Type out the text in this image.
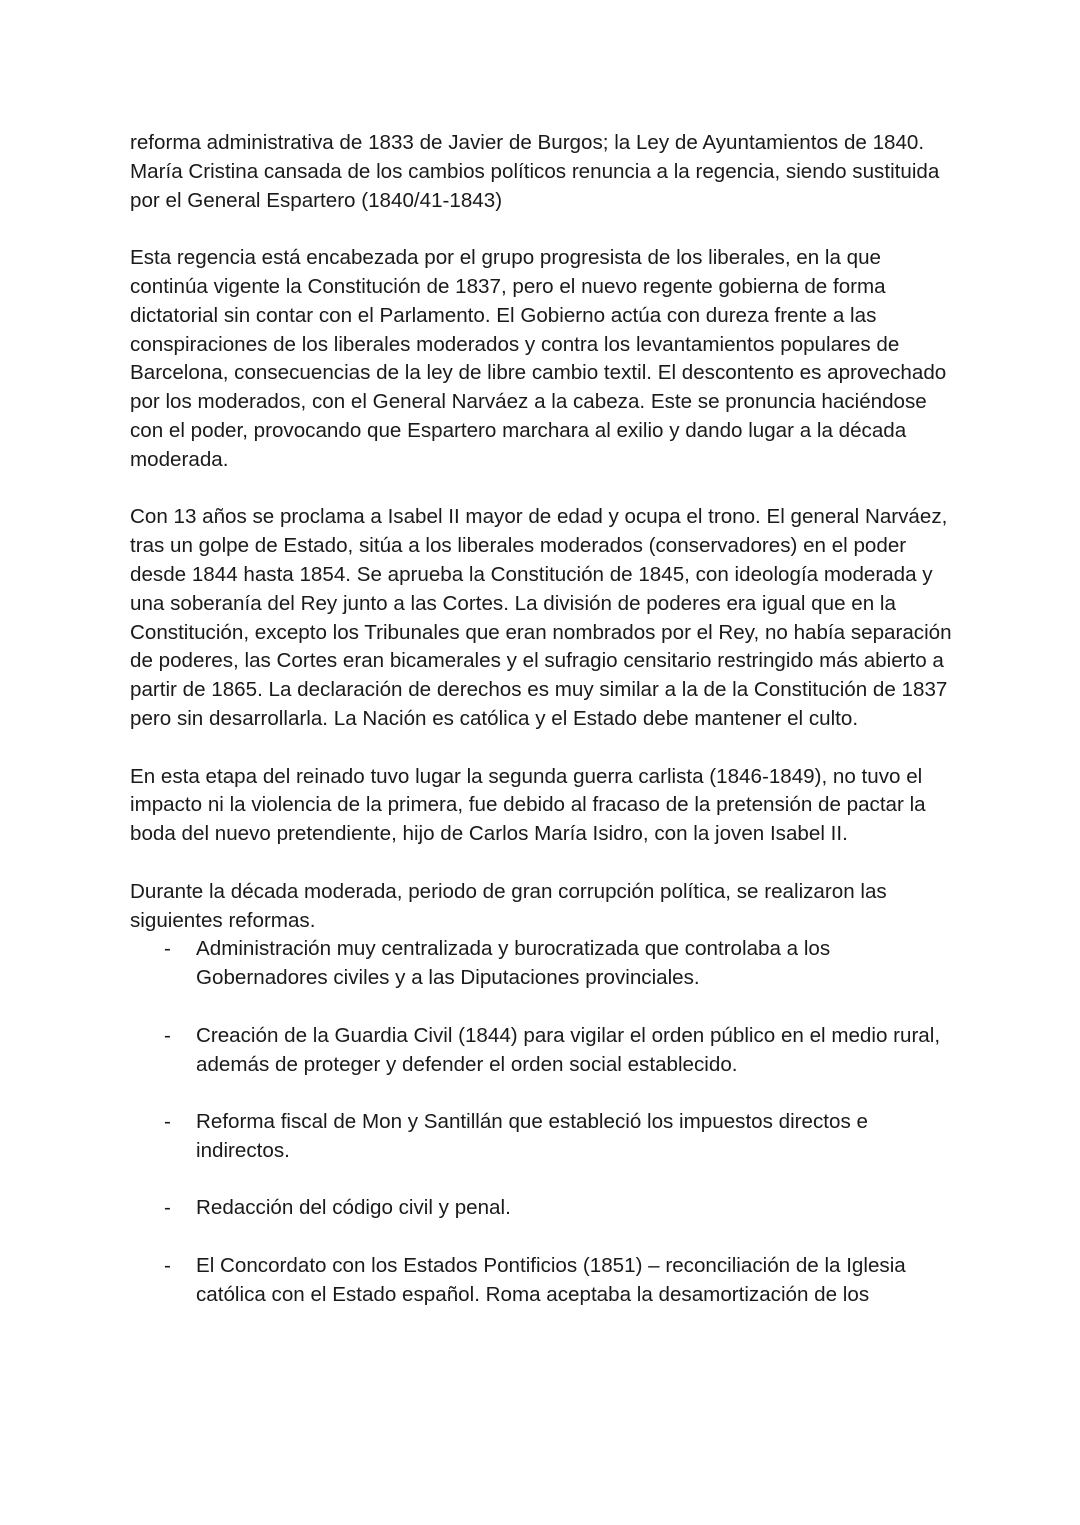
reforma administrativa de 1833 de Javier de Burgos; la Ley de Ayuntamientos de 1840. María Cristina cansada de los cambios políticos renuncia a la regencia, siendo sustituida por el General Espartero (1840/41-1843)

Esta regencia está encabezada por el grupo progresista de los liberales, en la que continúa vigente la Constitución de 1837, pero el nuevo regente gobierna de forma dictatorial sin contar con el Parlamento. El Gobierno actúa con dureza frente a las conspiraciones de los liberales moderados y contra los levantamientos populares de Barcelona, consecuencias de la ley de libre cambio textil. El descontento es aprovechado por los moderados, con el General Narváez a la cabeza. Este se pronuncia haciéndose con el poder, provocando que Espartero marchara al exilio y dando lugar a la década moderada.

Con 13 años se proclama a Isabel II mayor de edad y ocupa el trono. El general Narváez, tras un golpe de Estado, sitúa a los liberales moderados (conservadores) en el poder desde 1844 hasta 1854. Se aprueba la Constitución de 1845, con ideología moderada y una soberanía del Rey junto a las Cortes. La división de poderes era igual que en la Constitución, excepto los Tribunales que eran nombrados por el Rey, no había separación de poderes, las Cortes eran bicamerales y el sufragio censitario restringido más abierto a partir de 1865. La declaración de derechos es muy similar a la de la Constitución de 1837 pero sin desarrollarla. La Nación es católica y el Estado debe mantener el culto.

En esta etapa del reinado tuvo lugar la segunda guerra carlista (1846-1849), no tuvo el impacto ni la violencia de la primera, fue debido al fracaso de la pretensión de pactar la boda del nuevo pretendiente, hijo de Carlos María Isidro, con la joven Isabel II.

Durante la década moderada, periodo de gran corrupción política, se realizaron las siguientes reformas.

- Administración muy centralizada y burocratizada que controlaba a los Gobernadores civiles y a las Diputaciones provinciales.
- Creación de la Guardia Civil (1844) para vigilar el orden público en el medio rural, además de proteger y defender el orden social establecido.
- Reforma fiscal de Mon y Santillán que estableció los impuestos directos e indirectos.
- Redacción del código civil y penal.
- El Concordato con los Estados Pontificios (1851) – reconciliación de la Iglesia católica con el Estado español. Roma aceptaba la desamortización de los
